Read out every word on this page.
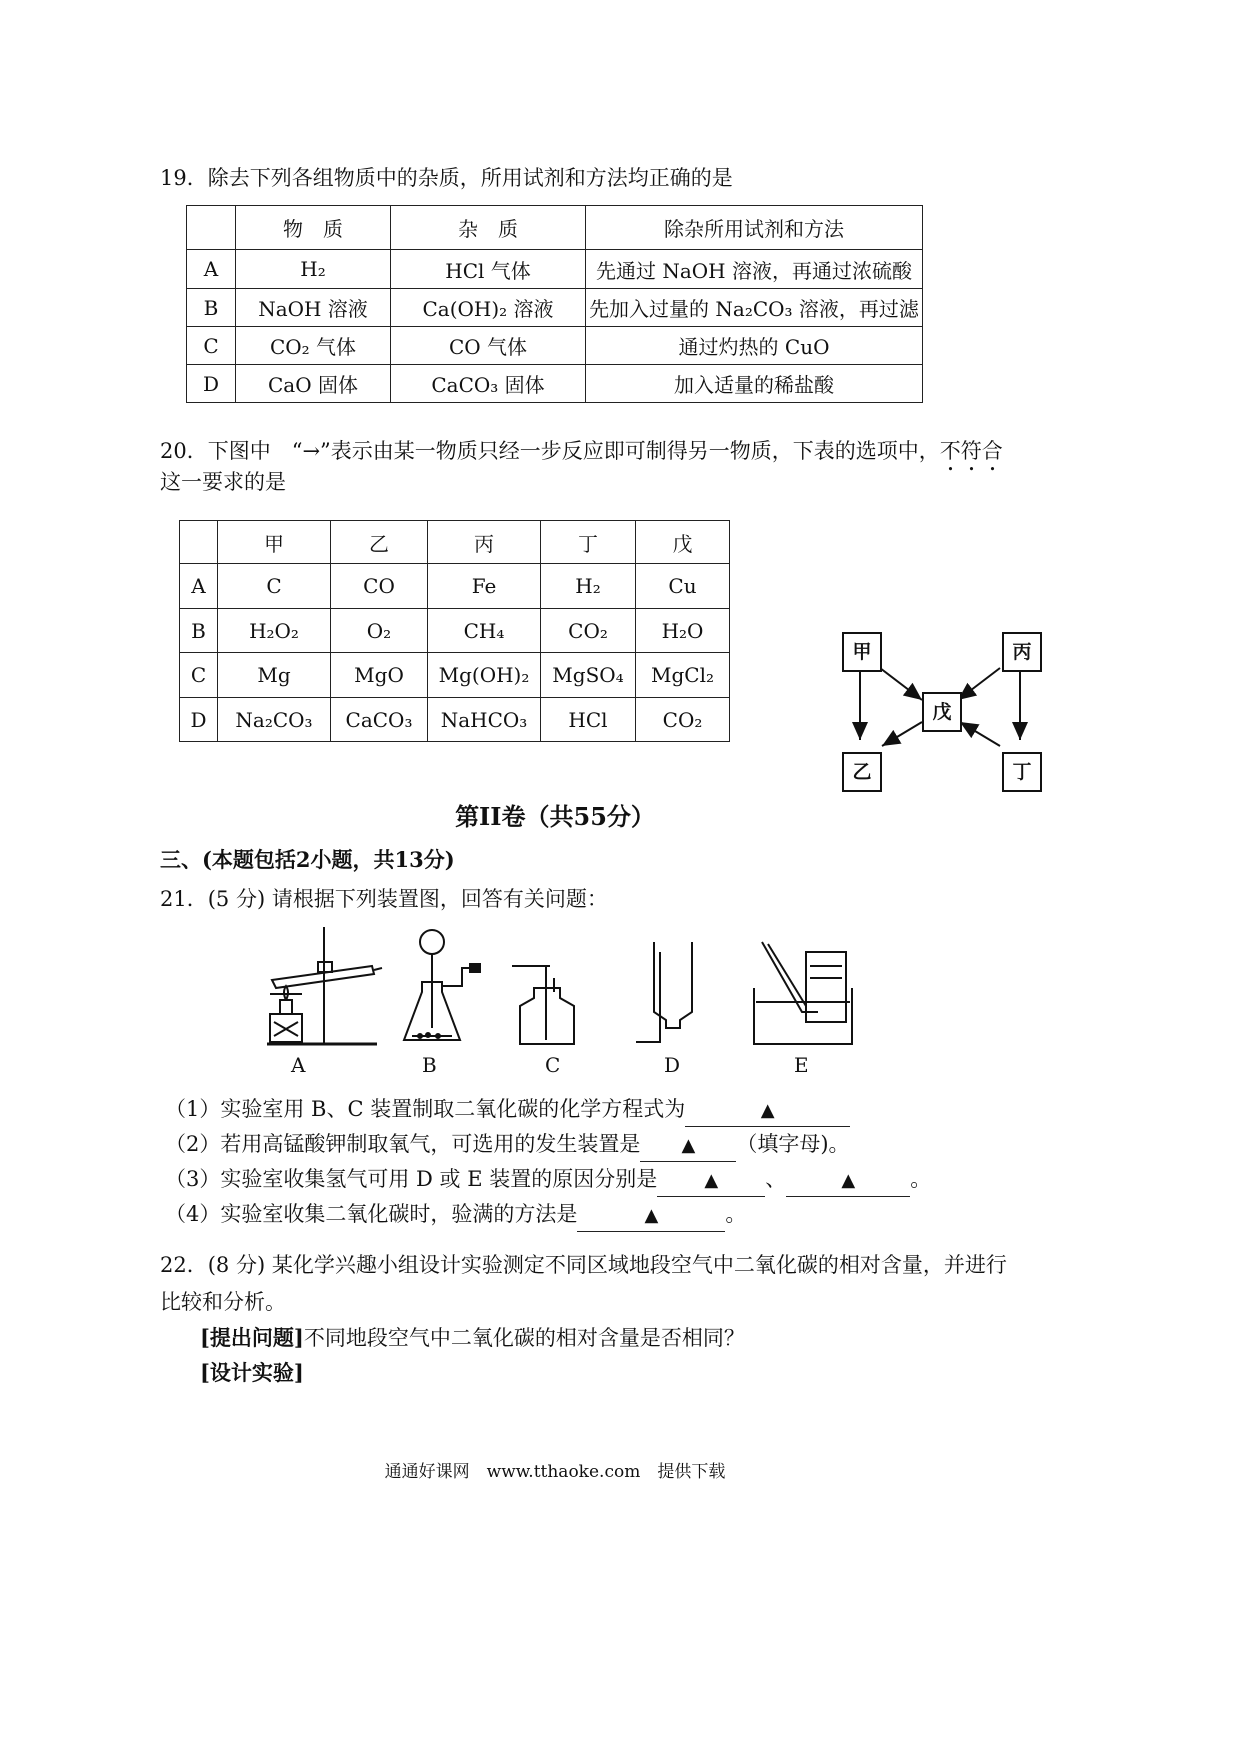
19．除去下列各组物质中的杂质，所用试剂和方法均正确的是
	物　质	杂　质	除杂所用试剂和方法
A	H₂	HCl 气体	先通过 NaOH 溶液，再通过浓硫酸
B	NaOH 溶液	Ca(OH)₂ 溶液	先加入过量的 Na₂CO₃ 溶液，再过滤
C	CO₂ 气体	CO 气体	通过灼热的 CuO
D	CaO 固体	CaCO₃ 固体	加入适量的稀盐酸
20．下图中　“→”表示由某一物质只经一步反应即可制得另一物质，下表的选项中，不符合
这一要求的是
	甲	乙	丙	丁	戊
A	C	CO	Fe	H₂	Cu
B	H₂O₂	O₂	CH₄	CO₂	H₂O
C	Mg	MgO	Mg(OH)₂	MgSO₄	MgCl₂
D	Na₂CO₃	CaCO₃	NaHCO₃	HCl	CO₂
甲	丙
戊
乙	丁
第II卷（共55分）
三、(本题包括2小题，共13分)
21．(5 分) 请根据下列装置图，回答有关问题：
A	B	C	D	E
（1）实验室用 B、C 装置制取二氧化碳的化学方程式为	▲
（2）若用高锰酸钾制取氧气，可选用的发生装置是 ▲ （填字母)。
（3）实验室收集氢气可用 D 或 E 装置的原因分别是	▲ 、	▲	。
（4）实验室收集二氧化碳时，验满的方法是	▲	。
22．(8 分) 某化学兴趣小组设计实验测定不同区域地段空气中二氧化碳的相对含量，并进行
比较和分析。
[提出问题]不同地段空气中二氧化碳的相对含量是否相同？
[设计实验]
通通好课网　www.tthaoke.com　提供下载
